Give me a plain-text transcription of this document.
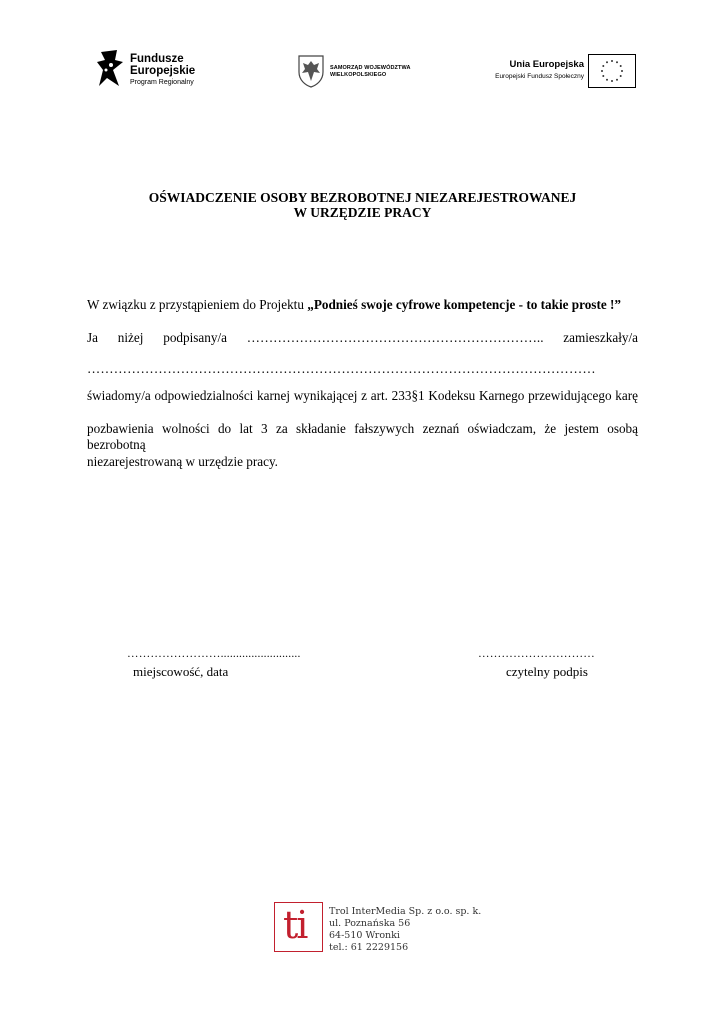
Fundusze
Europejskie
Program Regionalny
SAMORZĄD WOJEWÓDZTWA
WIELKOPOLSKIEGO
Unia Europejska
Europejski Fundusz Społeczny
OŚWIADCZENIE OSOBY BEZROBOTNEJ NIEZAREJESTROWANEJ
W URZĘDZIE PRACY
W związku z przystąpieniem do Projektu „Podnieś swoje cyfrowe kompetencje - to takie proste !”
Ja niżej podpisany/a ………………………………………………………….. zamieszkały/a
……………………………………………………………………………………………………
świadomy/a odpowiedzialności karnej wynikającej z art. 233§1 Kodeksu Karnego przewidującego karę
pozbawienia wolności do lat 3 za składanie fałszywych zeznań oświadczam, że jestem osobą bezrobotną
niezarejestrowaną w urzędzie pracy.
……………………..........................
miejscowość, data
…………………………
czytelny podpis
ti Trol InterMedia Sp. z o.o. sp. k.
ul. Poznańska 56
64-510 Wronki
tel.: 61 2229156
